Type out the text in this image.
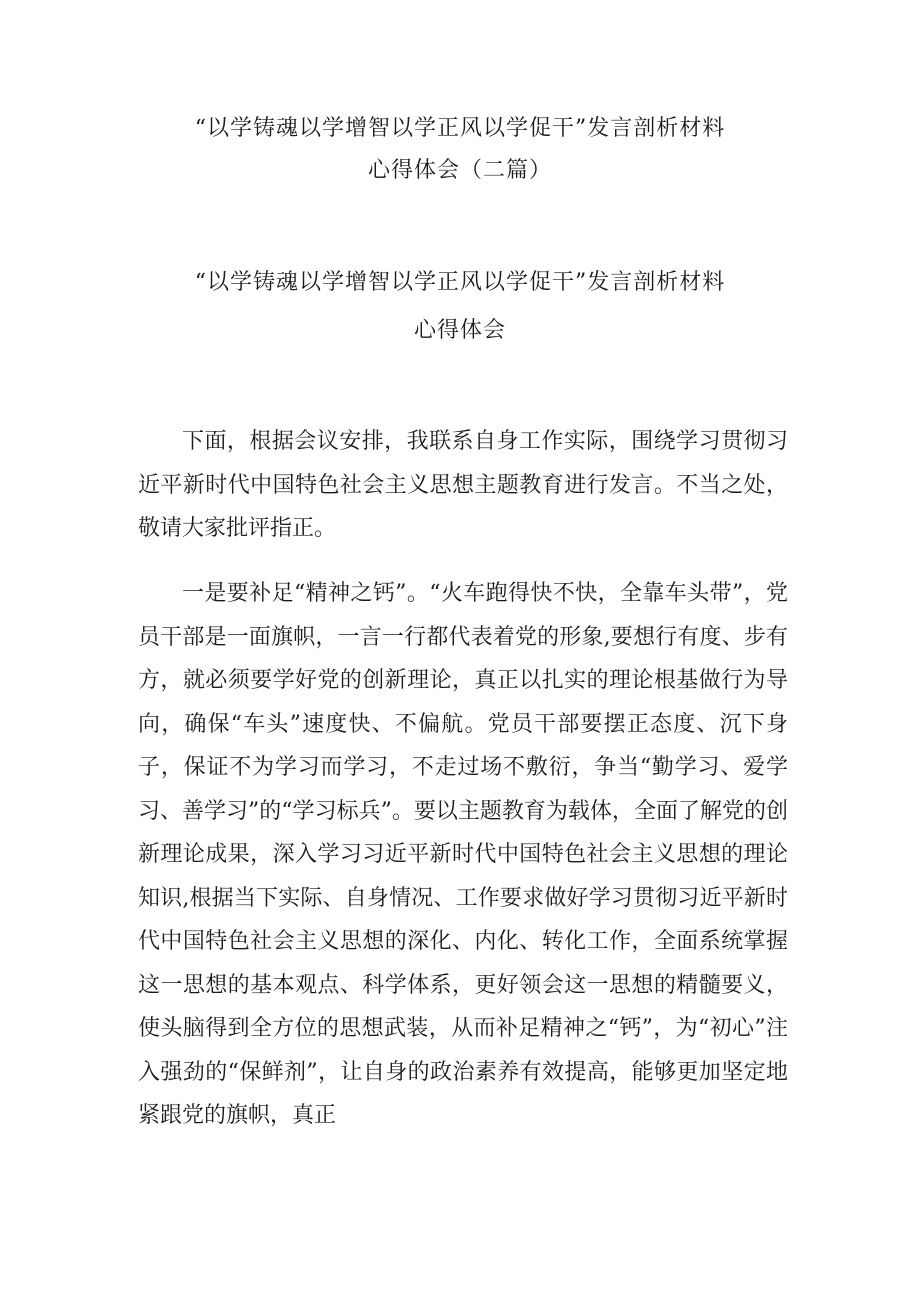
“以学铸魂以学增智以学正风以学促干”发言剖析材料
心得体会（二篇）
“以学铸魂以学增智以学正风以学促干”发言剖析材料
心得体会

下面，根据会议安排，我联系自身工作实际，围绕学习贯彻习近平新时代中国特色社会主义思想主题教育进行发言。不当之处，敬请大家批评指正。

一是要补足“精神之钙”。“火车跑得快不快，全靠车头带”，党员干部是一面旗帜，一言一行都代表着党的形象,要想行有度、步有方，就必须要学好党的创新理论，真正以扎实的理论根基做行为导向，确保“车头”速度快、不偏航。党员干部要摆正态度、沉下身子，保证不为学习而学习，不走过场不敷衍，争当“勤学习、爱学习、善学习”的“学习标兵”。要以主题教育为载体，全面了解党的创新理论成果，深入学习习近平新时代中国特色社会主义思想的理论知识,根据当下实际、自身情况、工作要求做好学习贯彻习近平新时代中国特色社会主义思想的深化、内化、转化工作，全面系统掌握这一思想的基本观点、科学体系，更好领会这一思想的精髓要义，使头脑得到全方位的思想武装，从而补足精神之“钙”，为“初心”注入强劲的“保鲜剂”，让自身的政治素养有效提高，能够更加坚定地紧跟党的旗帜，真正
